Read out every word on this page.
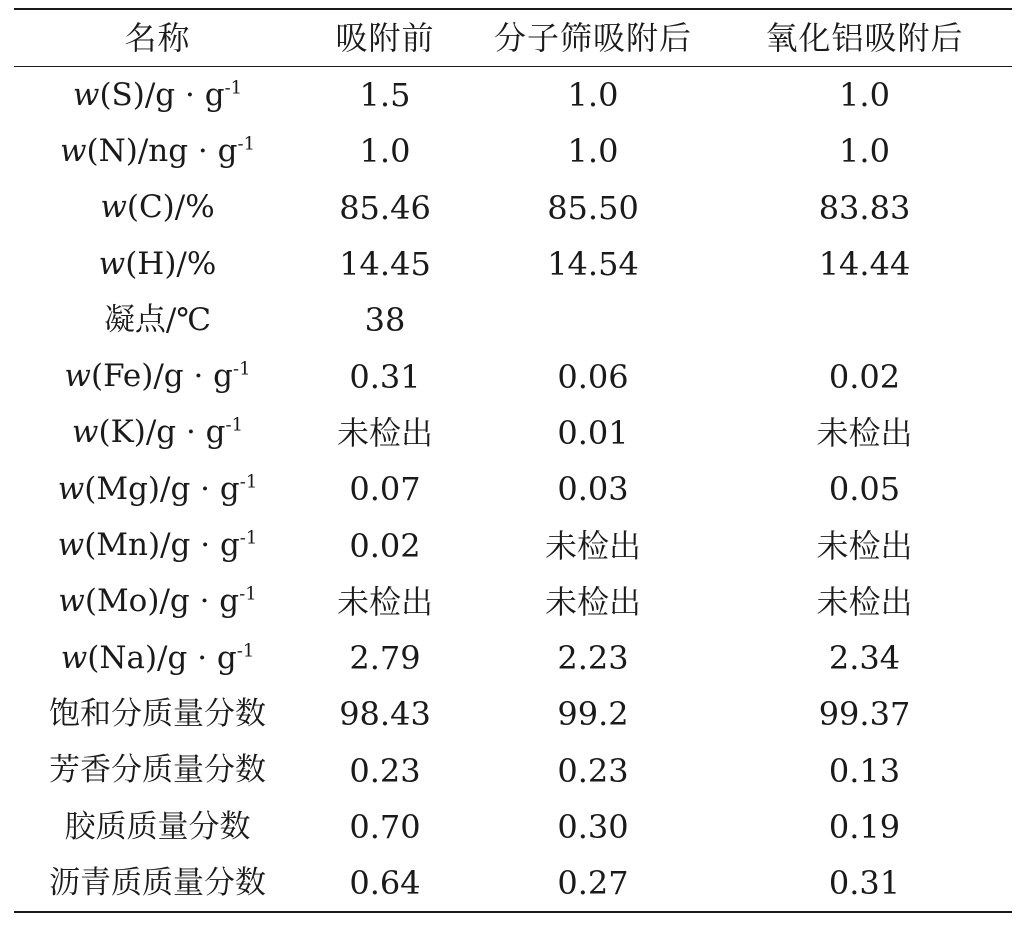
名称	吸附前	分子筛吸附后	氧化铝吸附后
$w(S)/g \cdot g^{-1}$	1.5	1.0	1.0
$w(N)/ng \cdot g^{-1}$	1.0	1.0	1.0
w(C)/%	85.46	85.50	83.83
w(H)/%	14.45	14.54	14.44
凝点/℃	38		
$w(Fe)/g \cdot g^{-1}$	0.31	0.06	0.02
$w(K)/g \cdot g^{-1}$	未检出	0.01	未检出
$w(Mg)/g \cdot g^{-1}$	0.07	0.03	0.05
$w(Mn)/g \cdot g^{-1}$	0.02	未检出	未检出
$w(Mo)/g \cdot g^{-1}$	未检出	未检出	未检出
$w(Na)/g \cdot g^{-1}$	2.79	2.23	2.34
饱和分质量分数	98.43	99.2	99.37
芳香分质量分数	0.23	0.23	0.13
胶质质量分数	0.70	0.30	0.19
沥青质质量分数	0.64	0.27	0.31
